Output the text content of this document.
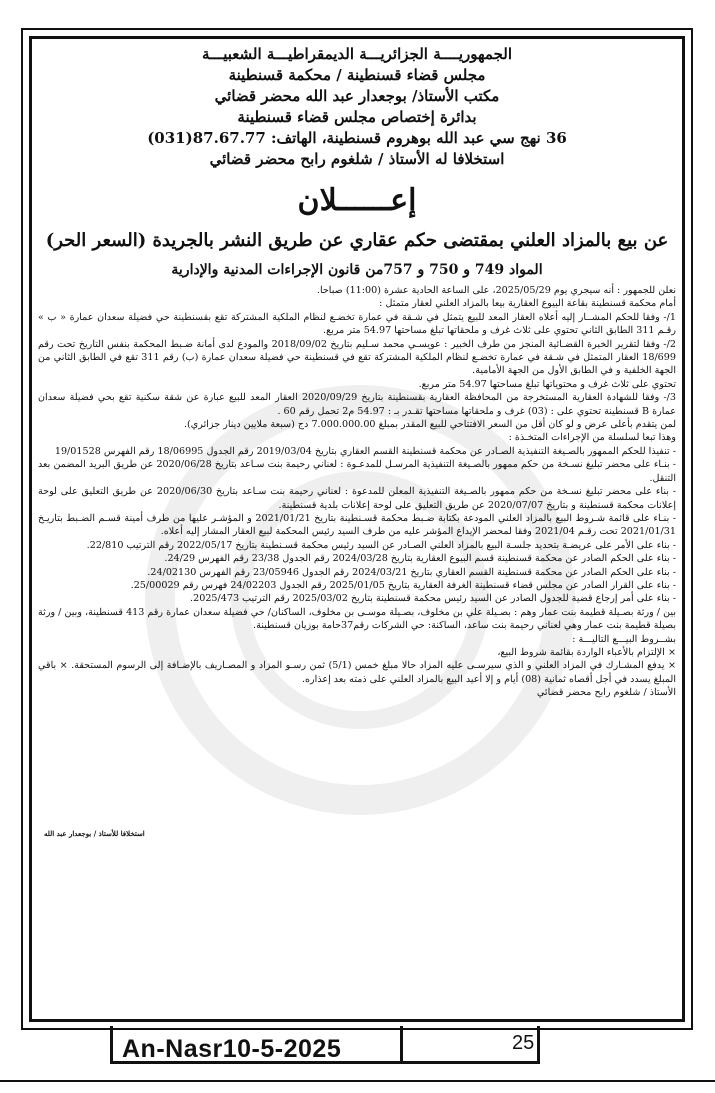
الجمهوريــــة الجزائريـــة الديمقراطيـــة الشعبيـــة
مجلس قضاء قسنطينة / محكمة قسنطينة
مكتب الأستاذ/ بوجعدار عبد الله محضر قضائي
بدائرة إختصاص مجلس قضاء قسنطينة
36 نهج سي عبد الله بوهروم قسنطينة، الهاتف: 87.67.77(031)
استخلافا له الأستاذ / شلغوم رابح محضر قضائي
إعــــــلان
عن بيع بالمزاد العلني بمقتضى حكم عقاري عن طريق النشر بالجريدة (السعر الحر)
المواد 749 و 750 و 757من قانون الإجراءات المدنية والإدارية

نعلن للجمهور : أنه سيجري يوم 2025/05/29، على الساعة الحادية عشرة (11:00) صباحا.

أمام محكمة قسنطينة بقاعة البيوع العقارية بيعا بالمزاد العلني لعقار متمثل :

1/- وفقا للحكم المشــار إليه أعلاه العقار المعد للبيع يتمثل في شـقة في عمارة تخضـع لنظام الملكية المشتركة تقع بقسنطينة حي فضيلة سعدان عمارة « ب » رقـم 311 الطابق الثاني تحتوي على ثلاث غرف و ملحقاتها تبلغ مساحتها 54.97 متر مربع.

2/- وفقا لتقرير الخبرة القضـائية المنجز من طرف الخبير : عويسـي محمد سـليم بتاريخ 2018/09/02 والمودع لدى أمانة ضـبط المحكمة بنفس التاريخ تحت رقم 18/699 العقار المتمثل في شـقة في عمارة تخضـع لنظام الملكية المشتركة تقع في قسنطينة حي فضيلة سعدان عمارة (ب) رقم 311 تقع في الطابق الثاني من الجهة الخلفية و في الطابق الأول من الجهة الأمامية.

تحتوي على ثلاث غرف و محتوياتها تبلغ مساحتها 54.97 متر مربع.

3/- وفقا للشهادة العقارية المستخرجة من المحافظة العقارية بقسنطينة بتاريخ 2020/09/29 العقار المعد للبيع عبارة عن شقة سكنية تقع بحي فضيلة سعدان عمارة B قسنطينة تحتوي على : (03) غرف و ملحقاتها مساحتها تقـدر بـ : 54.97 م2 تحمل رقم 60 .

لمن يتقدم بأعلى عرض و لو كان أقل من السعر الافتتاحي للبيع المقدر بمبلغ 7.000.000.00 دج (سبعة ملايين دينار جزائري).

وهذا تبعا لسلسلة من الإجراءات المتخـذة :

- تنفيذا للحكم الممهور بالصـيغة التنفيذية الصـادر عن محكمة قسنطينة القسم العقاري بتاريخ 2019/03/04 رقم الجدول 18/06995 رقم الفهرس 19/01528

- بنـاء على محضر تبليغ نسـخة من حكم ممهور بالصـيغة التنفيذية المرسـل للمدعـوة : لعناني رحيمة بنت سـاعد بتاريخ 2020/06/28 عن طريق البريد المضمن بعد التنقل.

- بناء على محضر تبليغ نسـخة من حكم ممهور بالصـيغة التنفيذية المعلن للمدعوة : لعناني رحيمة بنت سـاعد بتاريخ 2020/06/30 عن طريق التعليق على لوحة إعلانات محكمة قسنطينة و بتاريخ 2020/07/07 عن طريق التعليق على لوحة إعلانات بلدية قسنطينة.

- بنـاء على قائمة شـروط البيع بالمزاد العلني المودعة بكتابة ضـبط محكمة قسـنطينة بتاريخ 2021/01/21 و المؤشـر عليها من طرف أمينة قسـم الضـبط بتاريـخ 2021/01/31 تحت رقـم 2021/04 وفقا لمحضر الإيداع المؤشر عليه من طرف السيد رئيس المحكمة لبيع العقار المشار إليه أعلاه.

- بناء على الأمر على عريضـة بتحديد جلسـة البيع بالمزاد العلني الصـادر عن السيد رئيس محكمة قسـنطينة بتاريخ 2022/05/17 رقم الترتيب 22/810.

- بناء على الحكم الصادر عن محكمة قسنطينة قسم البيوع العقارية بتاريخ 2024/03/28 رقم الجدول 23/38 رقم الفهرس 24/29.

- بناء على الحكم الصادر عن محكمة قسنطينة القسم العقاري بتاريخ 2024/03/21 رقم الجدول 23/05946 رقم الفهرس 24/02130.

- بناء على القرار الصادر عن مجلس قضاء قسنطينة الغرفة العقارية بتاريخ 2025/01/05 رقم الجدول 24/02203 فهرس رقم 25/00029.

- بناء على أمر إرجاع قضية للجدول الصادر عن السيد رئيس محكمة قسنطينة بتاريخ 2025/03/02 رقم الترتيب 2025/473.

بين / ورثة بصـيلة قطيمة بنت عمار وهم : بصـيلة علي بن مخلوف، بصـيلة موسـى بن مخلوف، الساكنان/ حي فضيلة سعدان عمارة رقم 413 قسنطينة، وبين / ورثة بصيلة قطيمة بنت عمار وهي لعناني رحيمة بنت ساعد، الساكنة: حي الشركات رقم37حامة بوزيان قسنطينة.

بشــروط البيـــع التاليـــة :

× الإلتزام بالأعباء الواردة بقائمة شروط البيع،

× يدفع المشـارك في المزاد العلني و الذي سيرسـى عليه المزاد حالا مبلغ خمس (5/1) ثمن رسـو المزاد و المصـاريف بالإضـافة إلى الرسوم المستحقة. × باقي المبلغ يسدد في أجل أقصاه ثمانية (08) أيام و إلا أعيد البيع بالمزاد العلني على ذمته بعد إعذاره.

الأستاذ / شلغوم رابح محضر قضائي

استخلافا للأستاذ / بوجعدار عبد الله
An-Nasr10-5-2025	25
